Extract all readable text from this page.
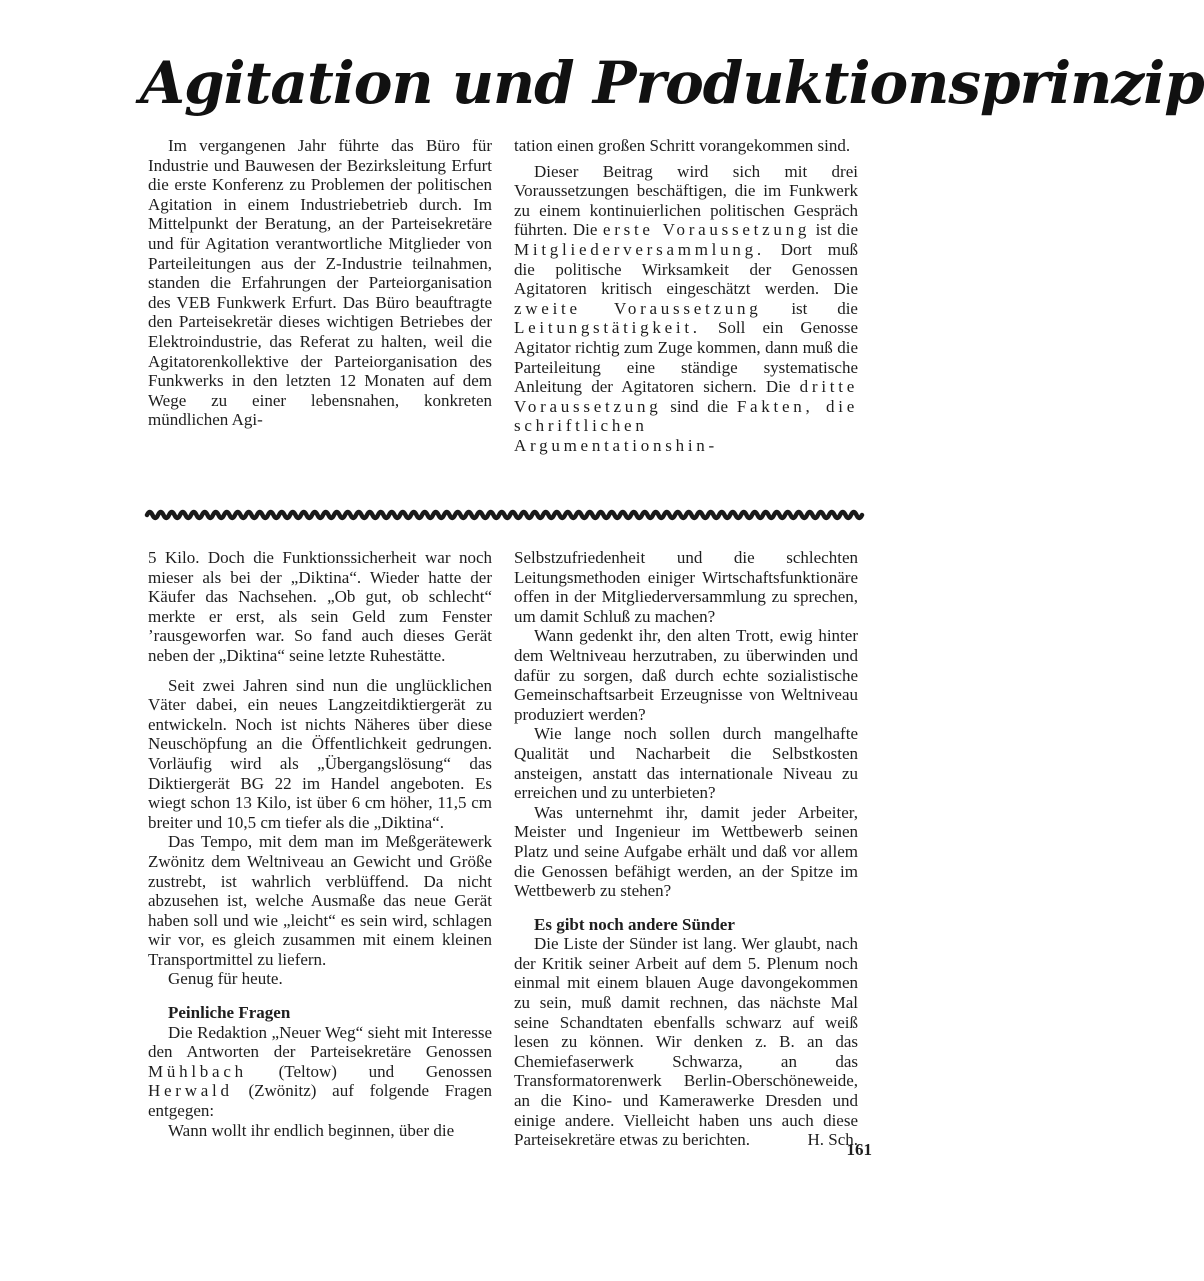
Agitation und Produktionsprinzip

Im vergangenen Jahr führte das Büro für Industrie und Bauwesen der Bezirksleitung Erfurt die erste Konferenz zu Problemen der politischen Agitation in einem Industriebetrieb durch. Im Mittelpunkt der Beratung, an der Parteisekretäre und für Agitation verantwortliche Mitglieder von Parteileitungen aus der Z-Industrie teilnahmen, standen die Erfahrungen der Parteiorganisation des VEB Funkwerk Erfurt. Das Büro beauftragte den Parteisekretär dieses wichtigen Betriebes der Elektroindustrie, das Referat zu halten, weil die Agitatorenkollektive der Parteiorganisation des Funkwerks in den letzten 12 Monaten auf dem Wege zu einer lebensnahen, konkreten mündlichen Agi-

tation einen großen Schritt vorangekommen sind.

Dieser Beitrag wird sich mit drei Voraussetzungen beschäftigen, die im Funkwerk zu einem kontinuierlichen politischen Gespräch führten. Die erste Voraussetzung ist die Mitgliederversammlung. Dort muß die politische Wirksamkeit der Genossen Agitatoren kritisch eingeschätzt werden. Die zweite Voraussetzung ist die Leitungstätigkeit. Soll ein Genosse Agitator richtig zum Zuge kommen, dann muß die Parteileitung eine ständige systematische Anleitung der Agitatoren sichern. Die dritte Voraussetzung sind die Fakten, die schriftlichen Argumentationshin-

5 Kilo. Doch die Funktionssicherheit war noch mieser als bei der „Diktina“. Wieder hatte der Käufer das Nachsehen. „Ob gut, ob schlecht“ merkte er erst, als sein Geld zum Fenster ’rausgeworfen war. So fand auch dieses Gerät neben der „Diktina“ seine letzte Ruhestätte.

Seit zwei Jahren sind nun die unglücklichen Väter dabei, ein neues Langzeitdiktiergerät zu entwickeln. Noch ist nichts Näheres über diese Neuschöpfung an die Öffentlichkeit gedrungen. Vorläufig wird als „Übergangslösung“ das Diktiergerät BG 22 im Handel angeboten. Es wiegt schon 13 Kilo, ist über 6 cm höher, 11,5 cm breiter und 10,5 cm tiefer als die „Diktina“.

Das Tempo, mit dem man im Meßgerätewerk Zwönitz dem Weltniveau an Gewicht und Größe zustrebt, ist wahrlich verblüffend. Da nicht abzusehen ist, welche Ausmaße das neue Gerät haben soll und wie „leicht“ es sein wird, schlagen wir vor, es gleich zusammen mit einem kleinen Transportmittel zu liefern.

Genug für heute.

Peinliche Fragen

Die Redaktion „Neuer Weg“ sieht mit Interesse den Antworten der Parteisekretäre Genossen Mühlbach (Teltow) und Genossen Herwald (Zwönitz) auf folgende Fragen entgegen:

Wann wollt ihr endlich beginnen, über die

Selbstzufriedenheit und die schlechten Leitungsmethoden einiger Wirtschaftsfunktionäre offen in der Mitgliederversammlung zu sprechen, um damit Schluß zu machen?

Wann gedenkt ihr, den alten Trott, ewig hinter dem Weltniveau herzutraben, zu überwinden und dafür zu sorgen, daß durch echte sozialistische Gemeinschaftsarbeit Erzeugnisse von Weltniveau produziert werden?

Wie lange noch sollen durch mangelhafte Qualität und Nacharbeit die Selbstkosten ansteigen, anstatt das internationale Niveau zu erreichen und zu unterbieten?

Was unternehmt ihr, damit jeder Arbeiter, Meister und Ingenieur im Wettbewerb seinen Platz und seine Aufgabe erhält und daß vor allem die Genossen befähigt werden, an der Spitze im Wettbewerb zu stehen?

Es gibt noch andere Sünder

Die Liste der Sünder ist lang. Wer glaubt, nach der Kritik seiner Arbeit auf dem 5. Plenum noch einmal mit einem blauen Auge davongekommen zu sein, muß damit rechnen, das nächste Mal seine Schandtaten ebenfalls schwarz auf weiß lesen zu können. Wir denken z. B. an das Chemiefaserwerk Schwarza, an das Transformatorenwerk Berlin-Oberschöneweide, an die Kino- und Kamerawerke Dresden und einige andere. Vielleicht haben uns auch diese Parteisekretäre etwas zu berichten.	H. Sch.

161
